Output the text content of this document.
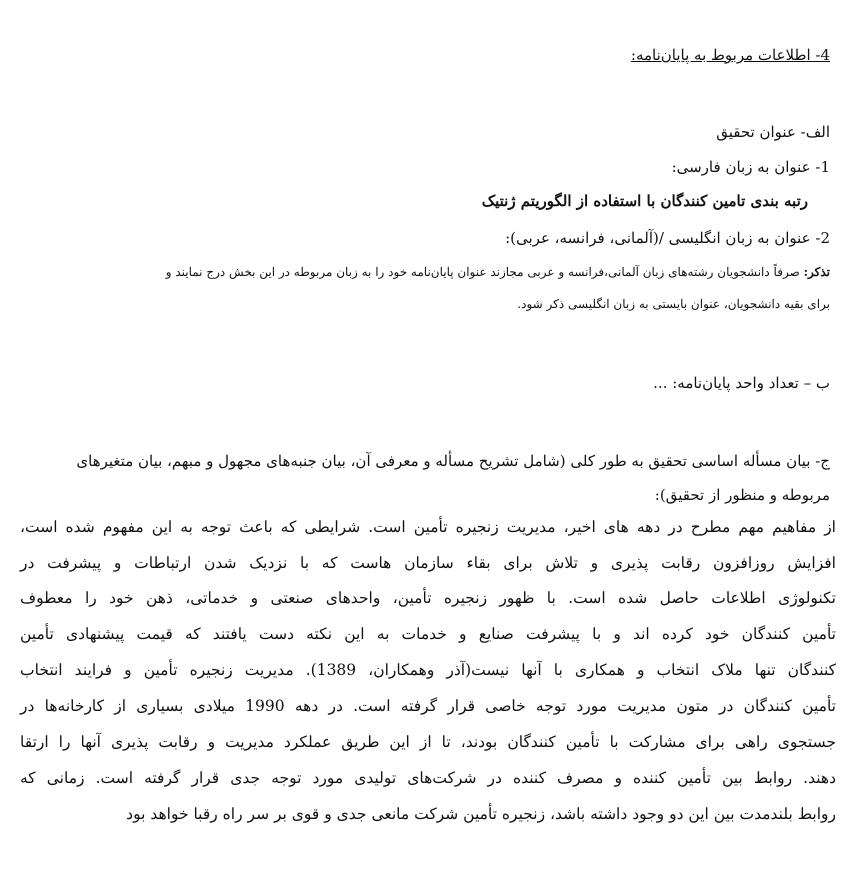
4- اطلاعات مربوط به پایان‌نامه:
الف- عنوان تحقیق
1- عنوان به زبان فارسی:
رتبه بندی تامین کنندگان با استفاده از الگوریتم ژنتیک
2- عنوان به زبان انگلیسی /(آلمانی، فرانسه، عربی):
تذکر: صرفاً دانشجویان رشته‌های زبان آلمانی،فرانسه و عربی مجازند عنوان پایان‌نامه خود را به زبان مربوطه در این بخش درج نمایند و
برای بقیه دانشجویان، عنوان بایستی به زبان انگلیسی ذکر شود.
ب – تعداد واحد پایان‌نامه: ...
ج- بیان مسأله اساسی تحقیق به طور کلی (شامل تشریح مسأله و معرفی آن، بیان جنبه‌های مجهول و مبهم، بیان متغیرهای
مربوطه و منظور از تحقیق):
از مفاهیم مهم مطرح در دهه های اخیر، مدیریت زنجیره تأمین است. شرایطی که باعث توجه به این مفهوم شده است،
افزایش روزافزون رقابت پذیری و تلاش برای بقاء سازمان هاست که با نزدیک شدن ارتباطات و پیشرفت در
تکنولوژی اطلاعات حاصل شده است. با ظهور زنجیره تأمین، واحدهای صنعتی و خدماتی، ذهن خود را معطوف
تأمین کنندگان خود کرده اند و با پیشرفت صنایع و خدمات به این نکته دست یافتند که قیمت پیشنهادی تأمین
کنندگان تنها ملاک انتخاب و همکاری با آنها نیست(آذر وهمکاران، 1389). مدیریت زنجیره تأمین و فرایند انتخاب
تأمین کنندگان در متون مدیریت مورد توجه خاصی قرار گرفته است. در دهه 1990 میلادی بسیاری از کارخانه‌ها در
جستجوی راهی برای مشارکت با تأمین کنندگان بودند، تا از این طریق عملکرد مدیریت و رقابت پذیری آنها را ارتقا
دهند. روابط بین تأمین کننده و مصرف کننده در شرکت‌های تولیدی مورد توجه جدی قرار گرفته است. زمانی که
روابط بلندمدت بین این دو وجود داشته باشد، زنجیره تأمین شرکت مانعی جدی و قوی بر سر راه رقبا خواهد بود
